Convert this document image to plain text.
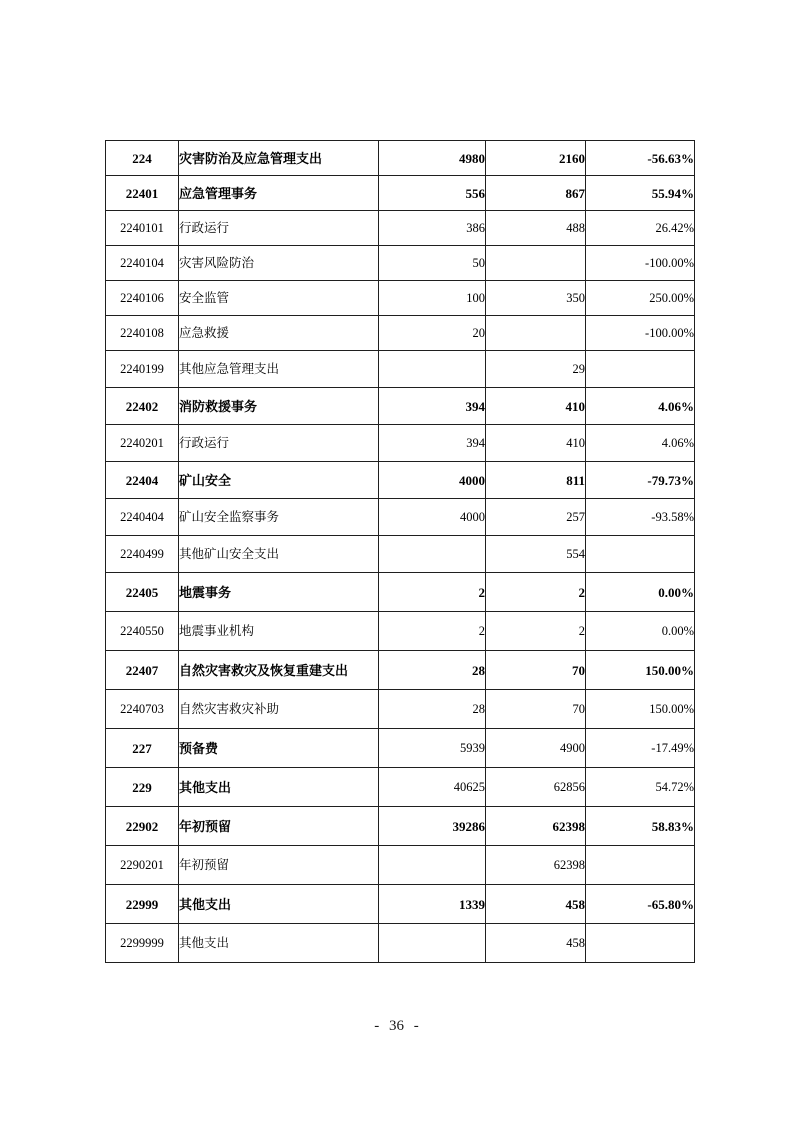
224	灾害防治及应急管理支出	4980	2160	-56.63%
22401	应急管理事务	556	867	55.94%
2240101	行政运行	386	488	26.42%
2240104	灾害风险防治	50		-100.00%
2240106	安全监管	100	350	250.00%
2240108	应急救援	20		-100.00%
2240199	其他应急管理支出		29	
22402	消防救援事务	394	410	4.06%
2240201	行政运行	394	410	4.06%
22404	矿山安全	4000	811	-79.73%
2240404	矿山安全监察事务	4000	257	-93.58%
2240499	其他矿山安全支出		554	
22405	地震事务	2	2	0.00%
2240550	地震事业机构	2	2	0.00%
22407	自然灾害救灾及恢复重建支出	28	70	150.00%
2240703	自然灾害救灾补助	28	70	150.00%
227	预备费	5939	4900	-17.49%
229	其他支出	40625	62856	54.72%
22902	年初预留	39286	62398	58.83%
2290201	年初预留		62398	
22999	其他支出	1339	458	-65.80%
2299999	其他支出		458	
- 36 -
